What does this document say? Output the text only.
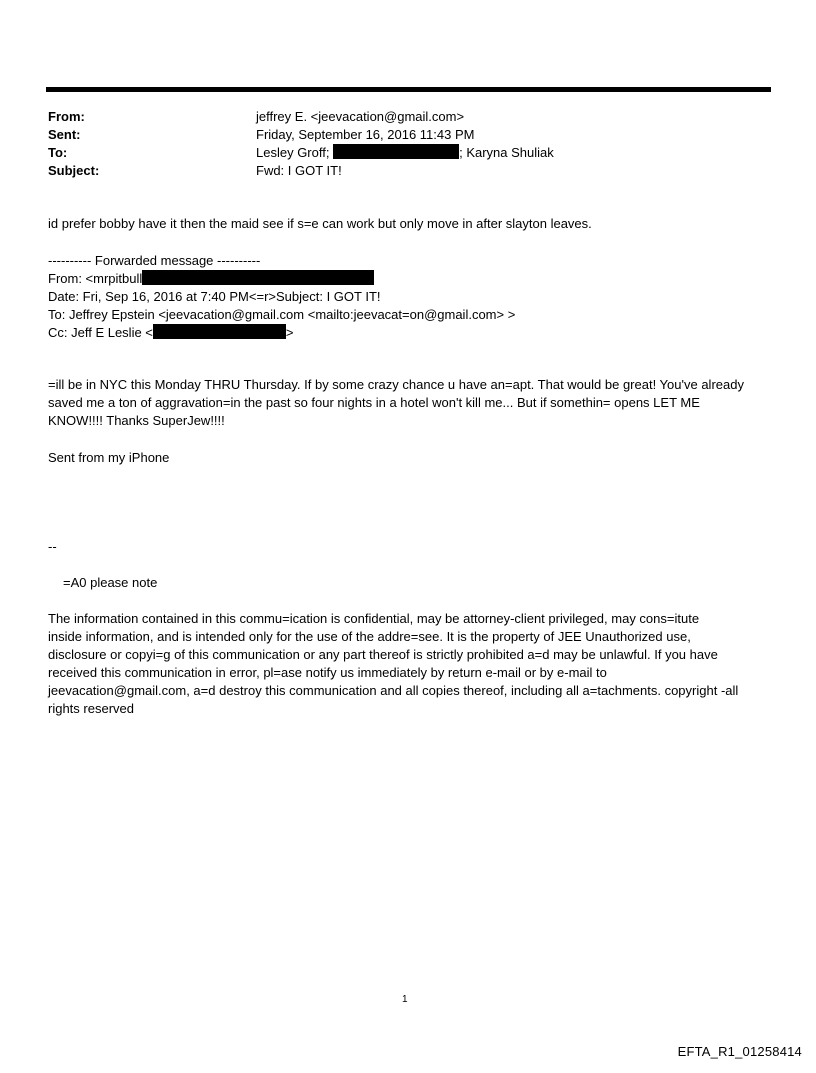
From:	jeffrey E. <jeevacation@gmail.com>
Sent:	Friday, September 16, 2016 11:43 PM
To:	Lesley Groff;	; Karyna Shuliak
Subject:	Fwd: I GOT IT!
id prefer bobby have it then the maid see if s=e can work but only move in after slayton leaves.
---------- Forwarded message ----------
From: <mrpitbull
Date: Fri, Sep 16, 2016 at 7:40 PM<=r>Subject: I GOT IT!
To: Jeffrey Epstein <jeevacation@gmail.com <mailto:jeevacat=on@gmail.com> >
Cc: Jeff E Leslie <	>
=ill be in NYC this Monday THRU Thursday. If by some crazy chance u have an=apt. That would be great! You've already
saved me a ton of aggravation=in the past so four nights in a hotel won't kill me... But if somethin= opens LET ME
KNOW!!!! Thanks SuperJew!!!!
Sent from my iPhone
--
=A0 please note
The information contained in this commu=ication is confidential, may be attorney-client privileged, may cons=itute
inside information, and is intended only for the use of the addre=see. It is the property of JEE Unauthorized use,
disclosure or copyi=g of this communication or any part thereof is strictly prohibited a=d may be unlawful. If you have
received this communication in error, pl=ase notify us immediately by return e-mail or by e-mail to
jeevacation@gmail.com, a=d destroy this communication and all copies thereof, including all a=tachments. copyright -all
rights reserved
1
EFTA_R1_01258414
